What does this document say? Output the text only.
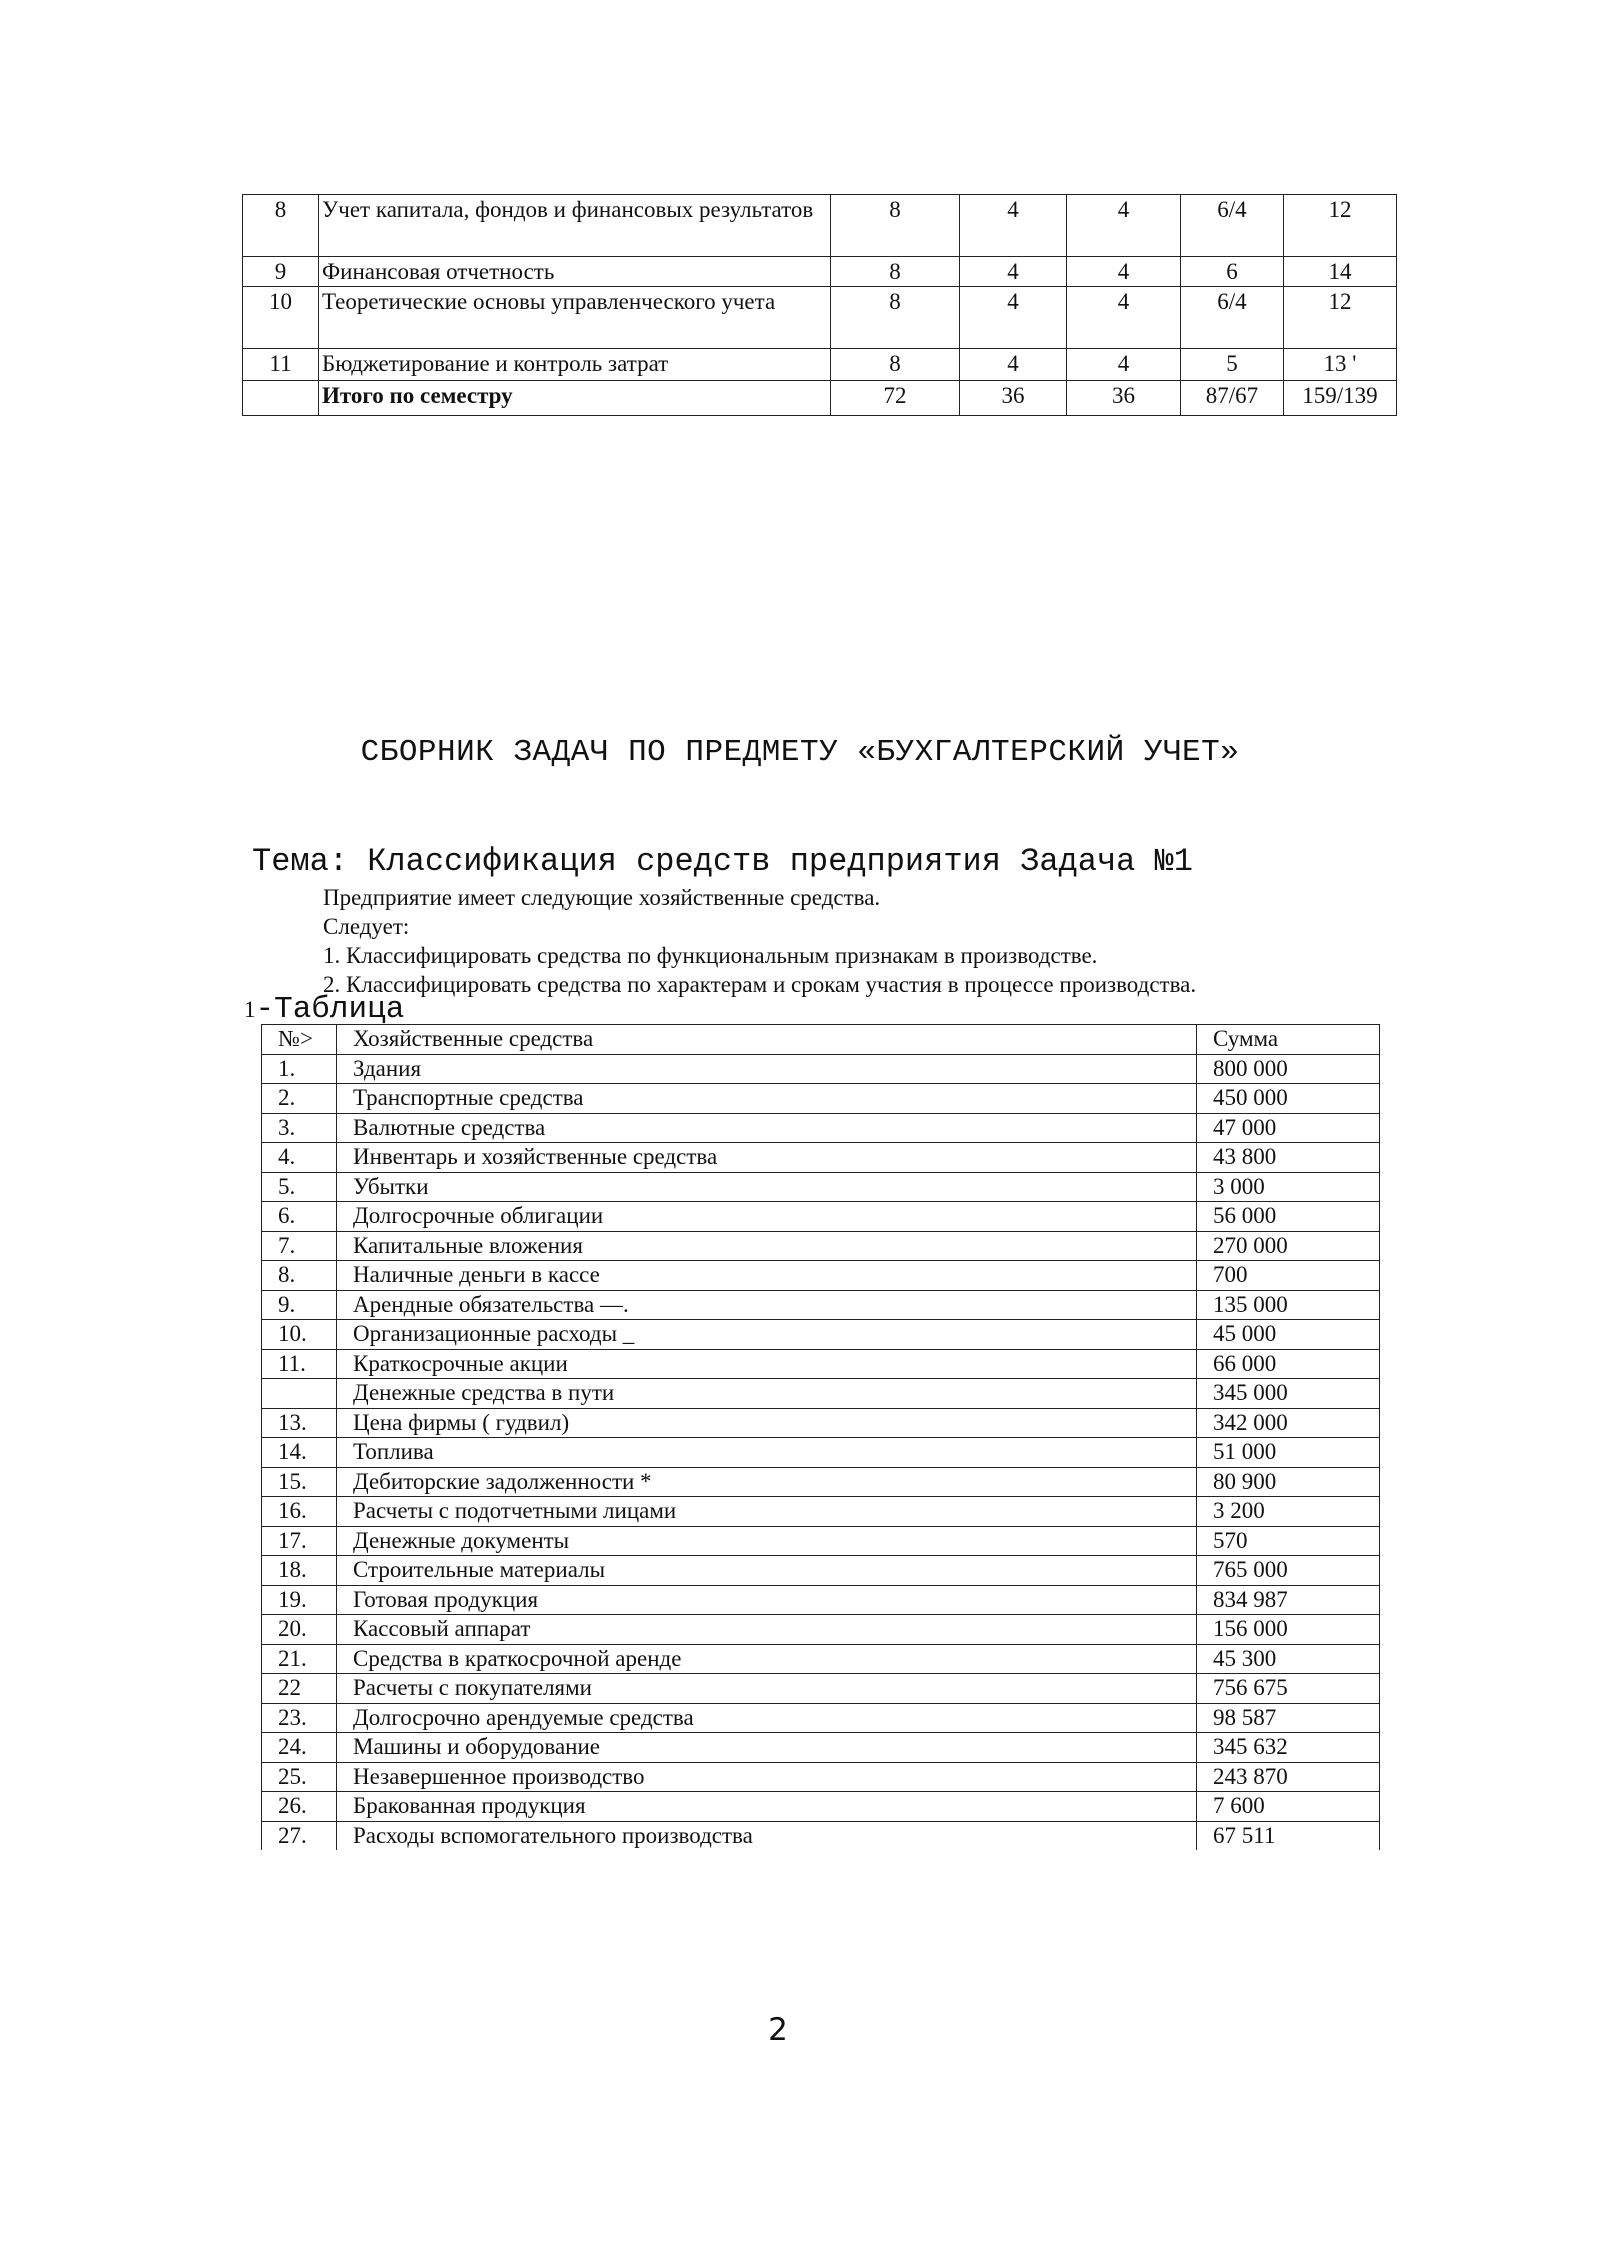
8	Учет капитала, фондов и финансовых результатов	8	4	4	6/4	12
9	Финансовая отчетность	8	4	4	6	14
10	Теоретические основы управленческого учета	8	4	4	6/4	12
11	Бюджетирование и контроль затрат	8	4	4	5	13 '
	Итого по семестру	72	36	36	87/67	159/139
СБОРНИК ЗАДАЧ ПО ПРЕДМЕТУ «БУХГАЛТЕРСКИЙ УЧЕТ»
Тема: Классификация средств предприятия Задача №1
Предприятие имеет следующие хозяйственные средства.
Следует:
1. Классифицировать средства по функциональным признакам в производстве.
2. Классифицировать средства по характерам и срокам участия в процессе производства.
1-Таблица
№>	Хозяйственные средства	Сумма
1.	Здания	800 000
2.	Транспортные средства	450 000
3.	Валютные средства	47 000
4.	Инвентарь и хозяйственные средства	43 800
5.	Убытки	3 000
6.	Долгосрочные облигации	56 000
7.	Капитальные вложения	270 000
8.	Наличные деньги в кассе	700
9.	Арендные обязательства —.	135 000
10.	Организационные расходы _	45 000
11.	Краткосрочные акции	66 000
	Денежные средства в пути	345 000
13.	Цена фирмы ( гудвил)	342 000
14.	Топлива	51 000
15.	Дебиторские задолженности *	80 900
16.	Расчеты с подотчетными лицами	3 200
17.	Денежные документы	570
18.	Строительные материалы	765 000
19.	Готовая продукция	834 987
20.	Кассовый аппарат	156 000
21.	Средства в краткосрочной аренде	45 300
22	Расчеты с покупателями	756 675
23.	Долгосрочно арендуемые средства	98 587
24.	Машины и оборудование	345 632
25.	Незавершенное производство	243 870
26.	Бракованная продукция	7 600
27.	Расходы вспомогательного производства	67 511
2
